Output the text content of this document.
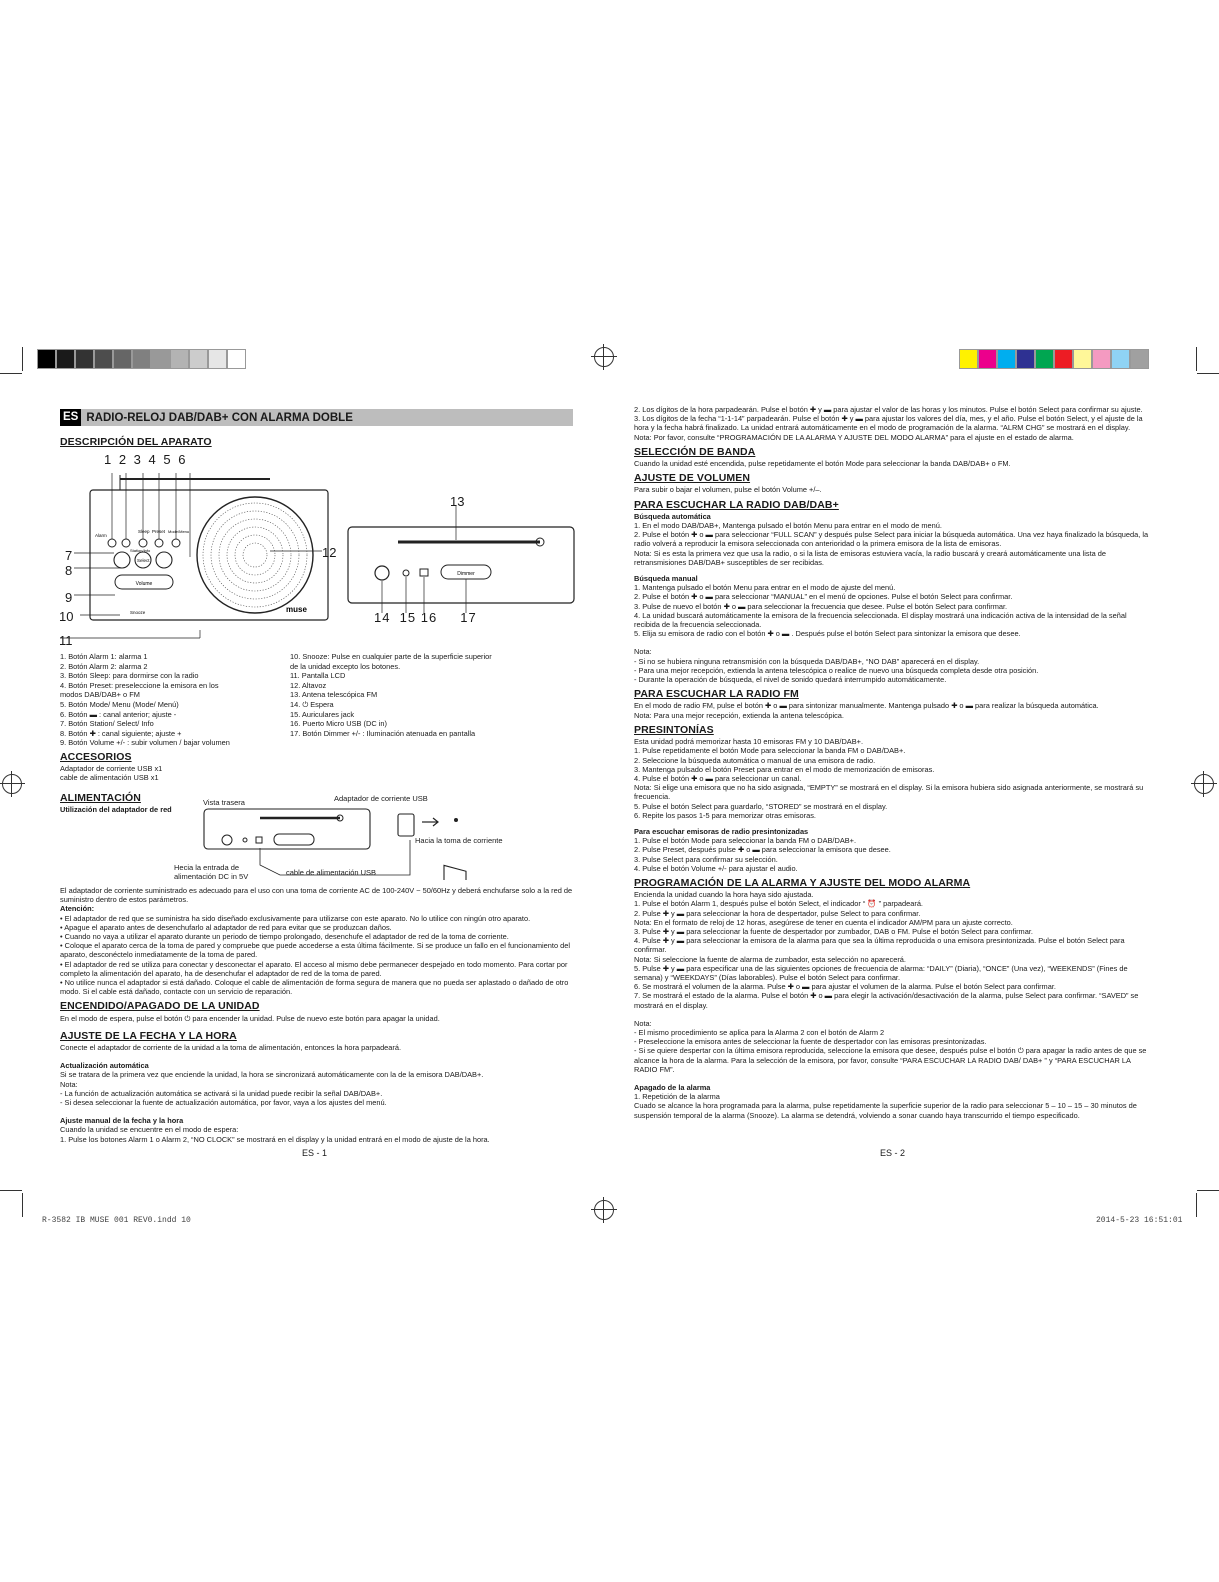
R-3582 IB MUSE 001 REV0.indd 10	2014-5-23 16:51:01
ES RADIO-RELOJ DAB/DAB+ CON ALARMA DOBLE
DESCRIPCIÓN DEL APARATO
1 2 3 4 5 6
7
8
9
10
11
12
13
14  15 16     17
Volume
Alarm
Sleep Preset Mode/Menu
Station/Info
Select
Snooze	muse
Dimmer
1. Botón Alarm 1: alarma 1
2. Botón Alarm 2: alarma 2
3. Botón Sleep: para dormirse con la radio
4. Botón Preset: preseleccione la emisora en los
modos DAB/DAB+ o FM
5. Botón Mode/ Menu (Mode/ Menú)
6. Botón ▬ : canal anterior; ajuste -
7. Botón Station/ Select/ Info
8. Botón ✚ : canal siguiente; ajuste +
9. Botón Volume +/- : subir volumen / bajar volumen
10. Snooze: Pulse en cualquier parte de la superficie superior
de la unidad excepto los botones.
11. Pantalla LCD
12. Altavoz
13. Antena telescópica FM
14. ⏻ Espera
15. Auriculares jack
16. Puerto Micro USB (DC in)
17. Botón Dimmer +/- : Iluminación atenuada en pantalla
ACCESORIOS

Adaptador de corriente USB x1

cable de alimentación USB x1

ALIMENTACIÓN

Utilización del adaptador de red

Vista trasera	Adaptador de corriente USB
Hacia la toma de corriente
Hecia la entrada de
alimentación DC in 5V	cable de alimentación USB

El adaptador de corriente suministrado es adecuado para el uso con una toma de corriente AC de 100-240V ~ 50/60Hz y deberá enchufarse solo a la red de suministro dentro de estos parámetros.

Atención:

• El adaptador de red que se suministra ha sido diseñado exclusivamente para utilizarse con este aparato. No lo utilice con ningún otro aparato.

• Apague el aparato antes de desenchufarlo al adaptador de red para evitar que se produzcan daños.

• Cuando no vaya a utilizar el aparato durante un periodo de tiempo prolongado, desenchufe el adaptador de red de la toma de corriente.

• Coloque el aparato cerca de la toma de pared y compruebe que puede accederse a esta última fácilmente. Si se produce un fallo en el funcionamiento del aparato, desconéctelo inmediatamente de la toma de pared.

• El adaptador de red se utiliza para conectar y desconectar el aparato. El acceso al mismo debe permanecer despejado en todo momento. Para cortar por completo la alimentación del aparato, ha de desenchufar el adaptador de red de la toma de pared.

• No utilice nunca el adaptador si está dañado. Coloque el cable de alimentación de forma segura de manera que no pueda ser aplastado o dañado de otro modo. Si el cable está dañado, contacte con un servicio de reparación.

ENCENDIDO/APAGADO DE LA UNIDAD

En el modo de espera, pulse el botón ⏻ para encender la unidad. Pulse de nuevo este botón para apagar la unidad.

AJUSTE DE LA FECHA Y LA HORA

Conecte el adaptador de corriente de la unidad a la toma de alimentación, entonces la hora parpadeará.

Actualización automática

Si se tratara de la primera vez que enciende la unidad, la hora se sincronizará automáticamente con la de la emisora DAB/DAB+.

Nota:

- La función de actualización automática se activará si la unidad puede recibir la señal DAB/DAB+.

- Si desea seleccionar la fuente de actualización automática, por favor, vaya a los ajustes del menú.

Ajuste manual de la fecha y la hora

Cuando la unidad se encuentre en el modo de espera:

1. Pulse los botones Alarm 1 o Alarm 2, “NO CLOCK” se mostrará en el display y la unidad entrará en el modo de ajuste de la hora.

ES - 1

2. Los dígitos de la hora parpadearán. Pulse el botón ✚ y ▬ para ajustar el valor de las horas y los minutos. Pulse el botón Select para confirmar su ajuste.

3. Los dígitos de la fecha “1-1-14” parpadearán. Pulse el botón ✚ y ▬ para ajustar los valores del día, mes, y el año. Pulse el botón Select, y el ajuste de la hora y la fecha habrá finalizado. La unidad entrará automáticamente en el modo de programación de la alarma. “ALRM CHG” se mostrará en el display.

Nota: Por favor, consulte “PROGRAMACIÓN DE LA ALARMA Y AJUSTE DEL MODO ALARMA” para el ajuste en el estado de alarma.

SELECCIÓN DE BANDA

Cuando la unidad esté encendida, pulse repetidamente el botón Mode para seleccionar la banda DAB/DAB+ o FM.

AJUSTE DE VOLUMEN

Para subir o bajar el volumen, pulse el botón Volume +/–.

PARA ESCUCHAR LA RADIO DAB/DAB+

Búsqueda automática

1. En el modo DAB/DAB+, Mantenga pulsado el botón Menu para entrar en el modo de menú.

2. Pulse el botón ✚ o ▬ para seleccionar “FULL SCAN” y después pulse Select para iniciar la búsqueda automática. Una vez haya finalizado la búsqueda, la radio volverá a reproducir la emisora seleccionada con anterioridad o la primera emisora de la lista de emisoras.

Nota: Si es esta la primera vez que usa la radio, o si la lista de emisoras estuviera vacía, la radio buscará y creará automáticamente una lista de retransmisiones DAB/DAB+ susceptibles de ser recibidas.

Búsqueda manual

1. Mantenga pulsado el botón Menu para entrar en el modo de ajuste del menú.

2. Pulse el botón ✚ o ▬ para seleccionar “MANUAL” en el menú de opciones. Pulse el botón Select para confirmar.

3. Pulse de nuevo el botón ✚ o ▬ para seleccionar la frecuencia que desee. Pulse el botón Select para confirmar.

4. La unidad buscará automáticamente la emisora de la frecuencia seleccionada. El display mostrará una indicación activa de la intensidad de la señal recibida de la frecuencia seleccionada.

5. Elija su emisora de radio con el botón ✚ o ▬ . Después pulse el botón Select para sintonizar la emisora que desee.

Nota:

- Si no se hubiera ninguna retransmisión con la búsqueda DAB/DAB+, “NO DAB” aparecerá en el display.

- Para una mejor recepción, extienda la antena telescópica o realice de nuevo una búsqueda completa desde otra posición.

- Durante la operación de búsqueda, el nivel de sonido quedará interrumpido automáticamente.

PARA ESCUCHAR LA RADIO FM

En el modo de radio FM, pulse el botón ✚ o ▬ para sintonizar manualmente. Mantenga pulsado ✚ o ▬ para realizar la búsqueda automática.

Nota: Para una mejor recepción, extienda la antena telescópica.

PRESINTONÍAS

Esta unidad podrá memorizar hasta 10 emisoras FM y 10 DAB/DAB+.

1. Pulse repetidamente el botón Mode para seleccionar la banda FM o DAB/DAB+.

2. Seleccione la búsqueda automática o manual de una emisora de radio.

3. Mantenga pulsado el botón Preset para entrar en el modo de memorización de emisoras.

4. Pulse el botón ✚ o ▬ para seleccionar un canal.

Nota: Si elige una emisora que no ha sido asignada, “EMPTY” se mostrará en el display. Si la emisora hubiera sido asignada anteriormente, se mostrará su frecuencia.

5. Pulse el botón Select para guardarlo, “STORED” se mostrará en el display.

6. Repite los pasos 1-5 para memorizar otras emisoras.

Para escuchar emisoras de radio presintonizadas

1. Pulse el botón Mode para seleccionar la banda FM o DAB/DAB+.

2. Pulse Preset, después pulse ✚ o ▬ para seleccionar la emisora que desee.

3. Pulse Select para confirmar su selección.

4. Pulse el botón Volume +/- para ajustar el audio.

PROGRAMACIÓN DE LA ALARMA Y AJUSTE DEL MODO ALARMA

Encienda la unidad cuando la hora haya sido ajustada.

1. Pulse el botón Alarm 1, después pulse el botón Select, el indicador “ ⏰ ” parpadeará.

2. Pulse ✚ y ▬ para seleccionar la hora de despertador, pulse Select to para confirmar.

Nota: En el formato de reloj de 12 horas, asegúrese de tener en cuenta el indicador AM/PM para un ajuste correcto.

3. Pulse ✚ y ▬ para seleccionar la fuente de despertador por zumbador, DAB o FM. Pulse el botón Select para confirmar.

4. Pulse ✚ y ▬ para seleccionar la emisora de la alarma para que sea la última reproducida o una emisora presintonizada. Pulse el botón Select para confirmar.

Nota: Si seleccione la fuente de alarma de zumbador, esta selección no aparecerá.

5. Pulse ✚ y ▬ para especificar una de las siguientes opciones de frecuencia de alarma: “DAILY” (Diaria), “ONCE” (Una vez), “WEEKENDS” (Fines de semana) y “WEEKDAYS” (Días laborables). Pulse el botón Select para confirmar.

6. Se mostrará el volumen de la alarma. Pulse ✚ o ▬ para ajustar el volumen de la alarma. Pulse el botón Select para confirmar.

7. Se mostrará el estado de la alarma. Pulse el botón ✚ o ▬ para elegir la activación/desactivación de la alarma, pulse Select para confirmar. “SAVED” se mostrará en el display.

Nota:

- El mismo procedimiento se aplica para la Alarma 2 con el botón de Alarm 2

- Preseleccione la emisora antes de seleccionar la fuente de despertador con las emisoras presintonizadas.

- Si se quiere despertar con la última emisora reproducida, seleccione la emisora que desee, después pulse el botón ⏻ para apagar la radio antes de que se alcance la hora de la alarma. Para la selección de la emisora, por favor, consulte “PARA ESCUCHAR LA RADIO DAB/ DAB+ ” y “PARA ESCUCHAR LA RADIO FM”.

Apagado de la alarma

1. Repetición de la alarma

Cuado se alcance la hora programada para la alarma, pulse repetidamente la superficie superior de la radio para seleccionar 5 – 10 – 15 – 30 minutos de suspensión temporal de la alarma (Snooze). La alarma se detendrá, volviendo a sonar cuando haya transcurrido el tiempo especificado.

ES - 2
